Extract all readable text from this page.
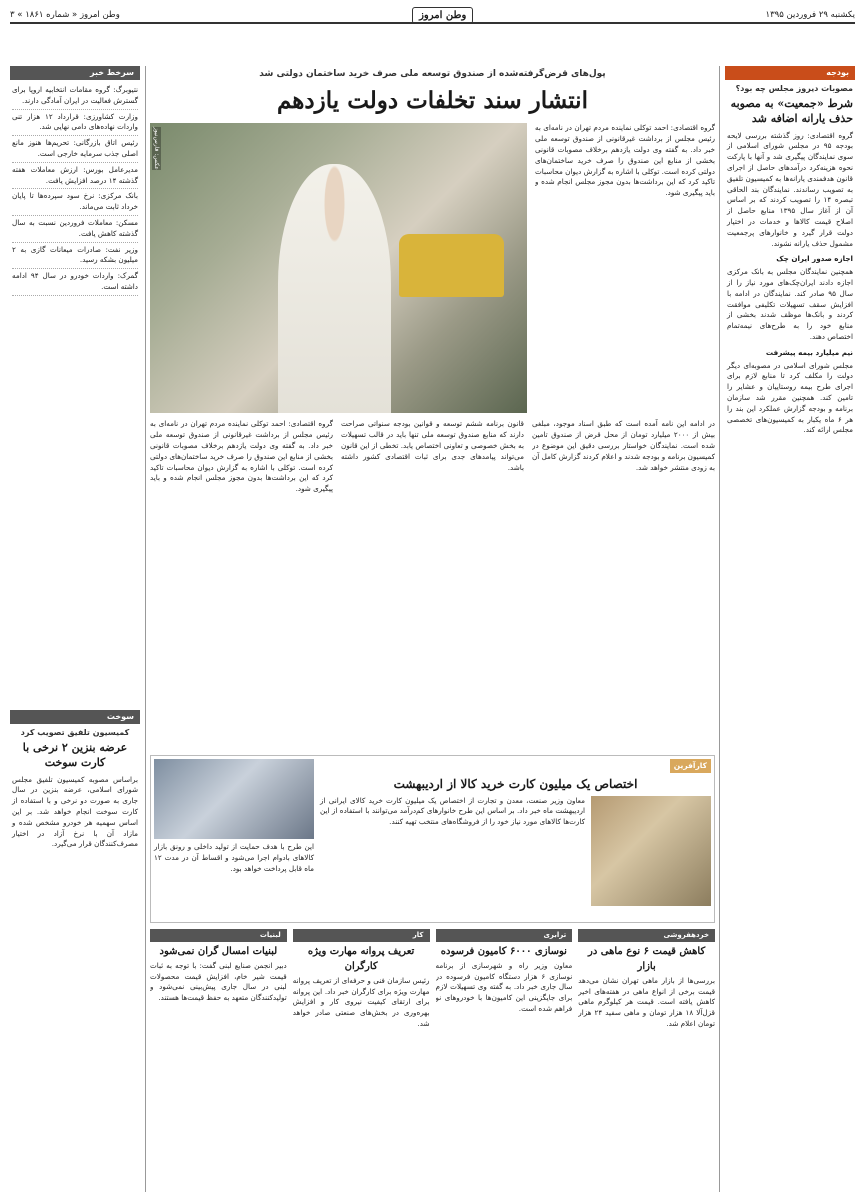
یکشنبه ۲۹ فروردین ۱۳۹۵
وطن امروز
وطن امروز « شماره ۱۸۶۱ » ۳
بودجه
مصوبات دیروز مجلس چه بود؟
شرط «جمعیت» به مصوبه حذف یارانه اضافه شد

گروه اقتصادی: روز گذشته بررسی لایحه بودجه ۹۵ در مجلس شورای اسلامی از سوی نمایندگان پیگیری شد و آنها با پارکت نحوه هزینه‌کرد درآمدهای حاصل از اجرای قانون هدفمندی یارانه‌ها به کمیسیون تلفیق به تصویب رساندند. نمایندگان بند الحاقی تبصره ۱۴ را تصویب کردند که بر اساس آن از آغاز سال ۱۳۹۵ منابع حاصل از اصلاح قیمت کالاها و خدمات در اختیار دولت قرار گیرد و خانوارهای پرجمعیت مشمول حذف یارانه نشوند.

اجازه صدور ایران چک

همچنین نمایندگان مجلس به بانک مرکزی اجازه دادند ایران‌چک‌های مورد نیاز را از سال ۹۵ صادر کند. نمایندگان در ادامه با افزایش سقف تسهیلات تکلیفی موافقت کردند و بانک‌ها موظف شدند بخشی از منابع خود را به طرح‌های نیمه‌تمام اختصاص دهند.

نیم میلیارد بیمه پیشرفت

مجلس شورای اسلامی در مصوبه‌ای دیگر دولت را مکلف کرد تا منابع لازم برای اجرای طرح بیمه روستاییان و عشایر را تامین کند. همچنین مقرر شد سازمان برنامه و بودجه گزارش عملکرد این بند را هر ۶ ماه یکبار به کمیسیون‌های تخصصی مجلس ارائه کند.

سرخط خبر
نتیوبرگ: گروه مقامات انتخابیه اروپا برای گسترش فعالیت در ایران آمادگی دارند.
وزارت کشاورزی: قرارداد ۱۲ هزار تنی واردات نهاده‌های دامی نهایی شد.
رئیس اتاق بازرگانی: تحریم‌ها هنوز مانع اصلی جذب سرمایه خارجی است.
مدیرعامل بورس: ارزش معاملات هفته گذشته ۱۴ درصد افزایش یافت.
بانک مرکزی: نرخ سود سپرده‌ها تا پایان خرداد ثابت می‌ماند.
مسکن: معاملات فروردین نسبت به سال گذشته کاهش یافت.
وزیر نفت: صادرات میعانات گازی به ۲ میلیون بشکه رسید.
گمرک: واردات خودرو در سال ۹۴ ادامه داشته است.
سوخت
کمیسیون تلفیق تصویب کرد
عرضه بنزین ۲ نرخی با کارت سوخت

براساس مصوبه کمیسیون تلفیق مجلس شورای اسلامی، عرضه بنزین در سال جاری به صورت دو نرخی و با استفاده از کارت سوخت انجام خواهد شد. بر این اساس سهمیه هر خودرو مشخص شده و مازاد آن با نرخ آزاد در اختیار مصرف‌کنندگان قرار می‌گیرد.

پول‌های قرض‌گرفته‌شده از صندوق توسعه ملی صرف خرید ساختمان دولتی شد
انتشار سند تخلفات دولت یازدهم
گروه اقتصادی: احمد توکلی نماینده مردم تهران در نامه‌ای به رئیس مجلس از برداشت غیرقانونی از صندوق توسعه ملی خبر داد. به گفته وی دولت یازدهم برخلاف مصوبات قانونی بخشی از منابع این صندوق را صرف خرید ساختمان‌های دولتی کرده است. توکلی با اشاره به گزارش دیوان محاسبات تاکید کرد که این برداشت‌ها بدون مجوز مجلس انجام شده و باید پیگیری شود.
عکس: فارس‌نیوز
در ادامه این نامه آمده است که طبق اسناد موجود، مبلغی بیش از ۲۰۰۰ میلیارد تومان از محل قرض از صندوق تامین شده است. نمایندگان خواستار بررسی دقیق این موضوع در کمیسیون برنامه و بودجه شدند و اعلام کردند گزارش کامل آن به زودی منتشر خواهد شد.
قانون برنامه ششم توسعه و قوانین بودجه سنواتی صراحت دارند که منابع صندوق توسعه ملی تنها باید در قالب تسهیلات به بخش خصوصی و تعاونی اختصاص یابد. تخطی از این قانون می‌تواند پیامدهای جدی برای ثبات اقتصادی کشور داشته باشد.
گروه اقتصادی: احمد توکلی نماینده مردم تهران در نامه‌ای به رئیس مجلس از برداشت غیرقانونی از صندوق توسعه ملی خبر داد. به گفته وی دولت یازدهم برخلاف مصوبات قانونی بخشی از منابع این صندوق را صرف خرید ساختمان‌های دولتی کرده است. توکلی با اشاره به گزارش دیوان محاسبات تاکید کرد که این برداشت‌ها بدون مجوز مجلس انجام شده و باید پیگیری شود.
کارآفرین
اختصاص یک میلیون کارت خرید کالا از اردیبهشت

معاون وزیر صنعت، معدن و تجارت از اختصاص یک میلیون کارت خرید کالای ایرانی از اردیبهشت ماه خبر داد. بر اساس این طرح خانوارهای کم‌درآمد می‌توانند با استفاده از این کارت‌ها کالاهای مورد نیاز خود را از فروشگاه‌های منتخب تهیه کنند.

این طرح با هدف حمایت از تولید داخلی و رونق بازار کالاهای بادوام اجرا می‌شود و اقساط آن در مدت ۱۲ ماه قابل پرداخت خواهد بود.

خردهفروشی
کاهش قیمت ۶ نوع ماهی در بازار

بررسی‌ها از بازار ماهی تهران نشان می‌دهد قیمت برخی از انواع ماهی در هفته‌های اخیر کاهش یافته است. قیمت هر کیلوگرم ماهی قزل‌آلا ۱۸ هزار تومان و ماهی سفید ۲۴ هزار تومان اعلام شد.

ترابری
نوسازی ۶۰۰۰ کامیون فرسوده

معاون وزیر راه و شهرسازی از برنامه نوسازی ۶ هزار دستگاه کامیون فرسوده در سال جاری خبر داد. به گفته وی تسهیلات لازم برای جایگزینی این کامیون‌ها با خودروهای نو فراهم شده است.

کار
تعریف پروانه مهارت ویژه کارگران

رئیس سازمان فنی و حرفه‌ای از تعریف پروانه مهارت ویژه برای کارگران خبر داد. این پروانه برای ارتقای کیفیت نیروی کار و افزایش بهره‌وری در بخش‌های صنعتی صادر خواهد شد.

لبنیات
لبنیات امسال گران نمی‌شود

دبیر انجمن صنایع لبنی گفت: با توجه به ثبات قیمت شیر خام، افزایش قیمت محصولات لبنی در سال جاری پیش‌بینی نمی‌شود و تولیدکنندگان متعهد به حفظ قیمت‌ها هستند.
